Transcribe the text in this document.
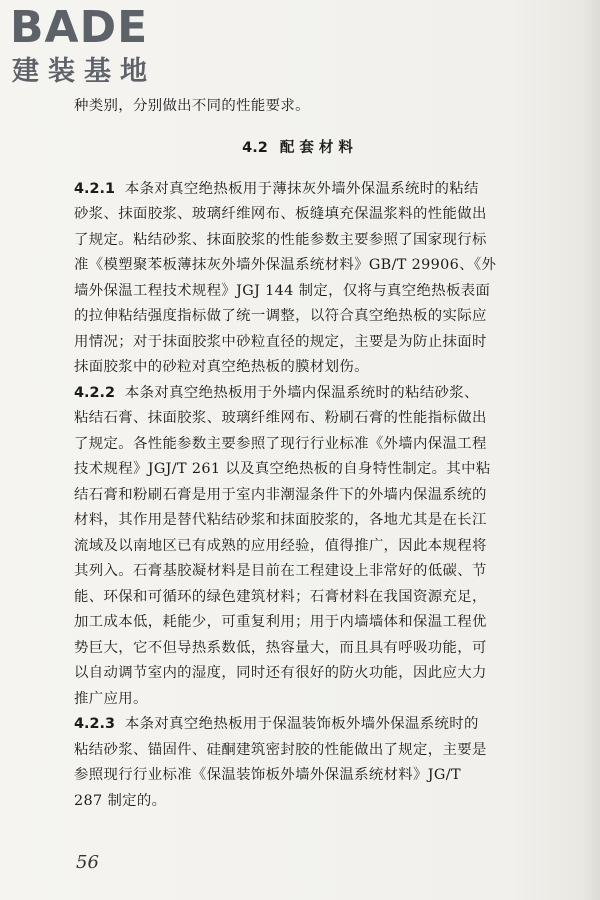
BADE
建装基地
种类别，分别做出不同的性能要求。
4.2 配套材料
4.2.1 本条对真空绝热板用于薄抹灰外墙外保温系统时的粘结
砂浆、抹面胶浆、玻璃纤维网布、板缝填充保温浆料的性能做出
了规定。粘结砂浆、抹面胶浆的性能参数主要参照了国家现行标
准《模塑聚苯板薄抹灰外墙外保温系统材料》GB/T 29906、《外
墙外保温工程技术规程》JGJ 144 制定，仅将与真空绝热板表面
的拉伸粘结强度指标做了统一调整，以符合真空绝热板的实际应
用情况；对于抹面胶浆中砂粒直径的规定，主要是为防止抹面时
抹面胶浆中的砂粒对真空绝热板的膜材划伤。
4.2.2 本条对真空绝热板用于外墙内保温系统时的粘结砂浆、
粘结石膏、抹面胶浆、玻璃纤维网布、粉刷石膏的性能指标做出
了规定。各性能参数主要参照了现行行业标准《外墙内保温工程
技术规程》JGJ/T 261 以及真空绝热板的自身特性制定。其中粘
结石膏和粉刷石膏是用于室内非潮湿条件下的外墙内保温系统的
材料，其作用是替代粘结砂浆和抹面胶浆的，各地尤其是在长江
流域及以南地区已有成熟的应用经验，值得推广，因此本规程将
其列入。石膏基胶凝材料是目前在工程建设上非常好的低碳、节
能、环保和可循环的绿色建筑材料；石膏材料在我国资源充足，
加工成本低，耗能少，可重复利用；用于内墙墙体和保温工程优
势巨大，它不但导热系数低，热容量大，而且具有呼吸功能，可
以自动调节室内的湿度，同时还有很好的防火功能，因此应大力
推广应用。
4.2.3 本条对真空绝热板用于保温装饰板外墙外保温系统时的
粘结砂浆、锚固件、硅酮建筑密封胶的性能做出了规定，主要是
参照现行行业标准《保温装饰板外墙外保温系统材料》JG/T
287 制定的。
56
